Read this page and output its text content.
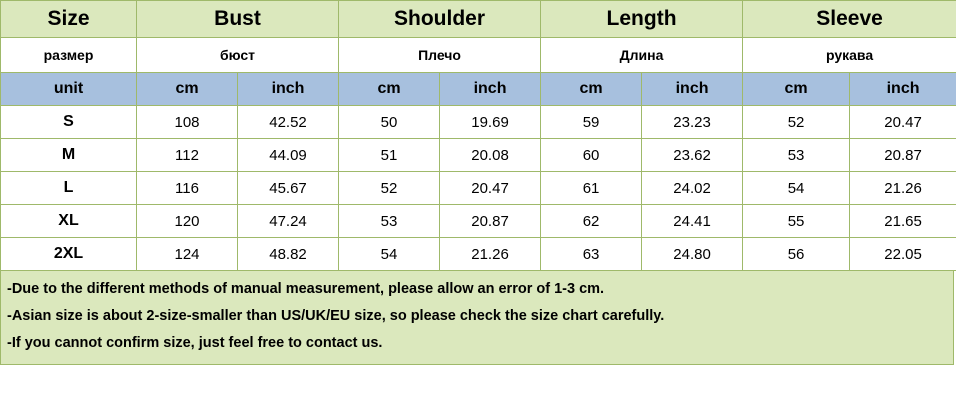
Size	Bust		Shoulder		Length		Sleeve	
размер	бюст		Плечо		Длина		рукава	
unit	cm	inch	cm	inch	cm	inch	cm	inch
S	108	42.52	50	19.69	59	23.23	52	20.47
M	112	44.09	51	20.08	60	23.62	53	20.87
L	116	45.67	52	20.47	61	24.02	54	21.26
XL	120	47.24	53	20.87	62	24.41	55	21.65
2XL	124	48.82	54	21.26	63	24.80	56	22.05

-Due to the different methods of manual measurement, please allow an error of 1-3 cm.

-Asian size is about 2-size-smaller than US/UK/EU size, so please check the size chart carefully.

-If you cannot confirm size, just feel free to contact us.
